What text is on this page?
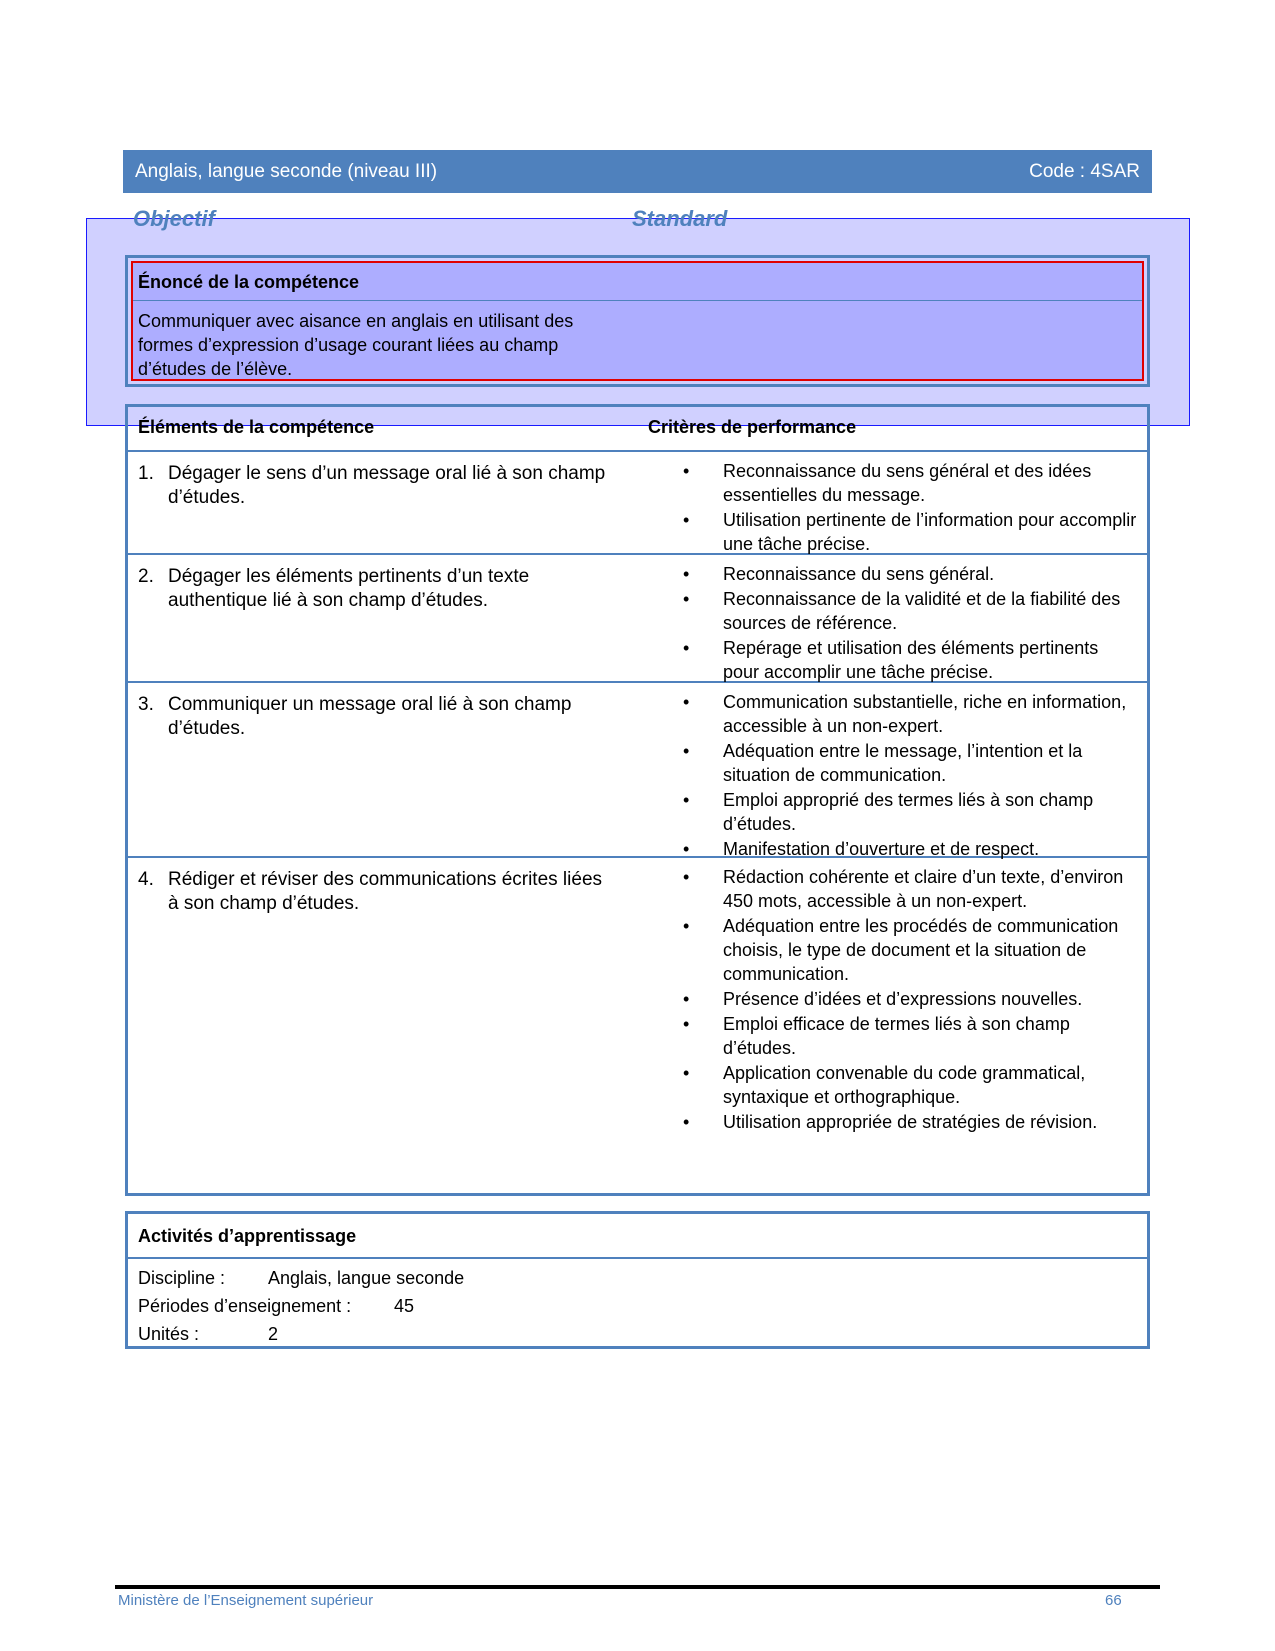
Anglais, langue seconde (niveau III)	Code : 4SAR
Objectif	Standard
Énoncé de la compétence
Communiquer avec aisance en anglais en utilisant des formes d’expression d’usage courant liées au champ d’études de l’élève.
Éléments de la compétence	Critères de performance
1. Dégager le sens d’un message oral lié à son champ d’études.
• Reconnaissance du sens général et des idées essentielles du message.
• Utilisation pertinente de l’information pour accomplir une tâche précise.
2. Dégager les éléments pertinents d’un texte authentique lié à son champ d’études.
• Reconnaissance du sens général.
• Reconnaissance de la validité et de la fiabilité des sources de référence.
• Repérage et utilisation des éléments pertinents pour accomplir une tâche précise.
3. Communiquer un message oral lié à son champ d’études.
• Communication substantielle, riche en information, accessible à un non-expert.
• Adéquation entre le message, l’intention et la situation de communication.
• Emploi approprié des termes liés à son champ d’études.
• Manifestation d’ouverture et de respect.
4. Rédiger et réviser des communications écrites liées à son champ d’études.
• Rédaction cohérente et claire d’un texte, d’environ 450 mots, accessible à un non-expert.
• Adéquation entre les procédés de communication choisis, le type de document et la situation de communication.
• Présence d’idées et d’expressions nouvelles.
• Emploi efficace de termes liés à son champ d’études.
• Application convenable du code grammatical, syntaxique et orthographique.
• Utilisation appropriée de stratégies de révision.
Activités d’apprentissage
Discipline : Anglais, langue seconde
Périodes d’enseignement : 45
Unités :	2
Ministère de l’Enseignement supérieur	66
